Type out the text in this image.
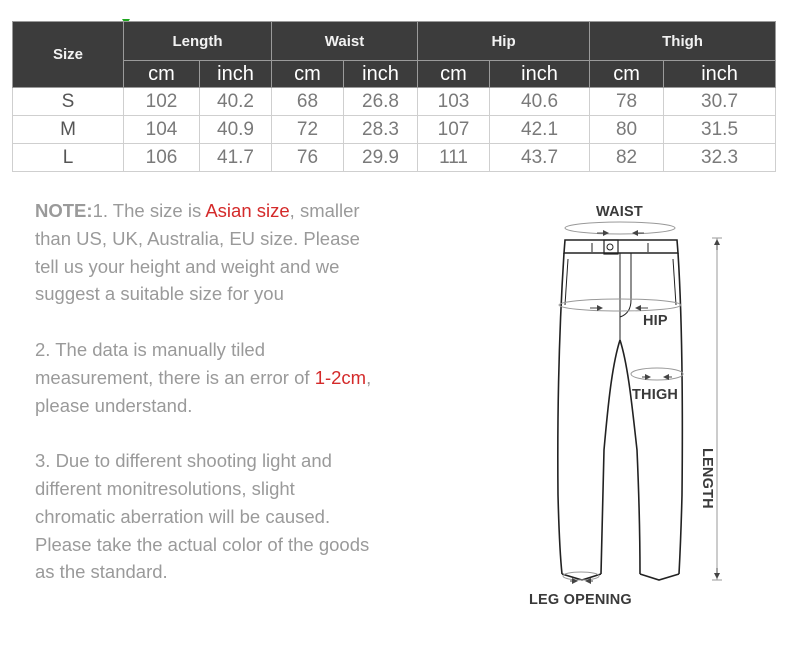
Size	Length		Waist		Hip		Thigh	
	cm	inch	cm	inch	cm	inch	cm	inch
S	102	40.2	68	26.8	103	40.6	78	30.7
M	104	40.9	72	28.3	107	42.1	80	31.5
L	106	41.7	76	29.9	111	43.7	82	32.3

NOTE:1. The size is Asian size, smaller than US, UK, Australia, EU size. Please tell us your height and weight and we suggest a suitable size for you

2. The data is manually tiled measurement, there is an error of 1-2cm, please understand.

3. Due to different shooting light and different monitresolutions, slight chromatic aberration will be caused. Please take the actual color of the goods as the standard.

WAIST
HIP
THIGH
LENGTH
LEG OPENING
